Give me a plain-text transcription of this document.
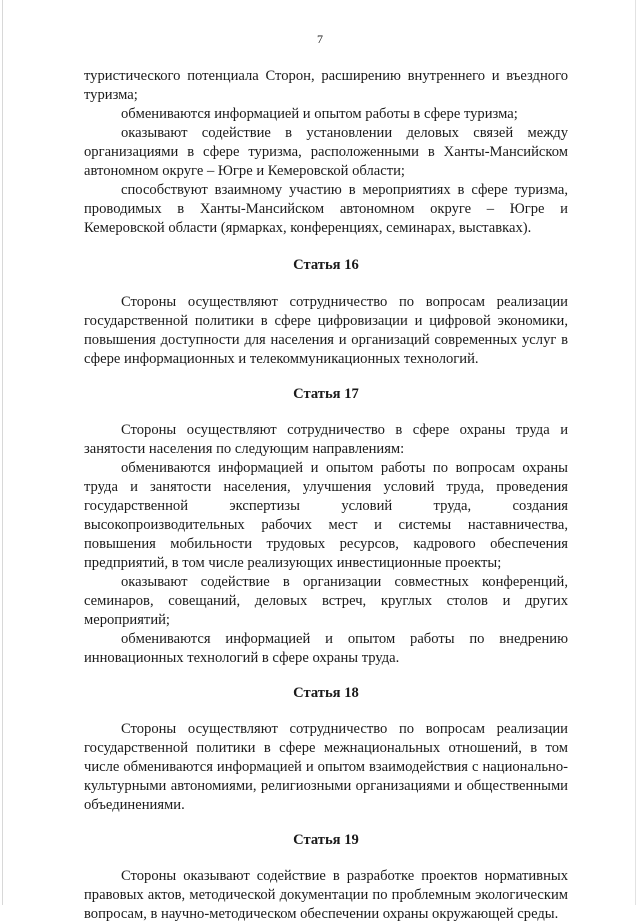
7

туристического потенциала Сторон, расширению внутреннего и въездного туризма;

обмениваются информацией и опытом работы в сфере туризма;

оказывают содействие в установлении деловых связей между организациями в сфере туризма, расположенными в Ханты-Мансийском автономном округе – Югре и Кемеровской области;

способствуют взаимному участию в мероприятиях в сфере туризма, проводимых в Ханты-Мансийском автономном округе – Югре и Кемеровской области (ярмарках, конференциях, семинарах, выставках).

Статья 16

Стороны осуществляют сотрудничество по вопросам реализации государственной политики в сфере цифровизации и цифровой экономики, повышения доступности для населения и организаций современных услуг в сфере информационных и телекоммуникационных технологий.

Статья 17

Стороны осуществляют сотрудничество в сфере охраны труда и занятости населения по следующим направлениям:

обмениваются информацией и опытом работы по вопросам охраны труда и занятости населения, улучшения условий труда, проведения государственной экспертизы условий труда, создания высокопроизводительных рабочих мест и системы наставничества, повышения мобильности трудовых ресурсов, кадрового обеспечения предприятий, в том числе реализующих инвестиционные проекты;

оказывают содействие в организации совместных конференций, семинаров, совещаний, деловых встреч, круглых столов и других мероприятий;

обмениваются информацией и опытом работы по внедрению инновационных технологий в сфере охраны труда.

Статья 18

Стороны осуществляют сотрудничество по вопросам реализации государственной политики в сфере межнациональных отношений, в том числе обмениваются информацией и опытом взаимодействия с национально-культурными автономиями, религиозными организациями и общественными объединениями.

Статья 19

Стороны оказывают содействие в разработке проектов нормативных правовых актов, методической документации по проблемным экологическим вопросам, в научно-методическом обеспечении охраны окружающей среды.
